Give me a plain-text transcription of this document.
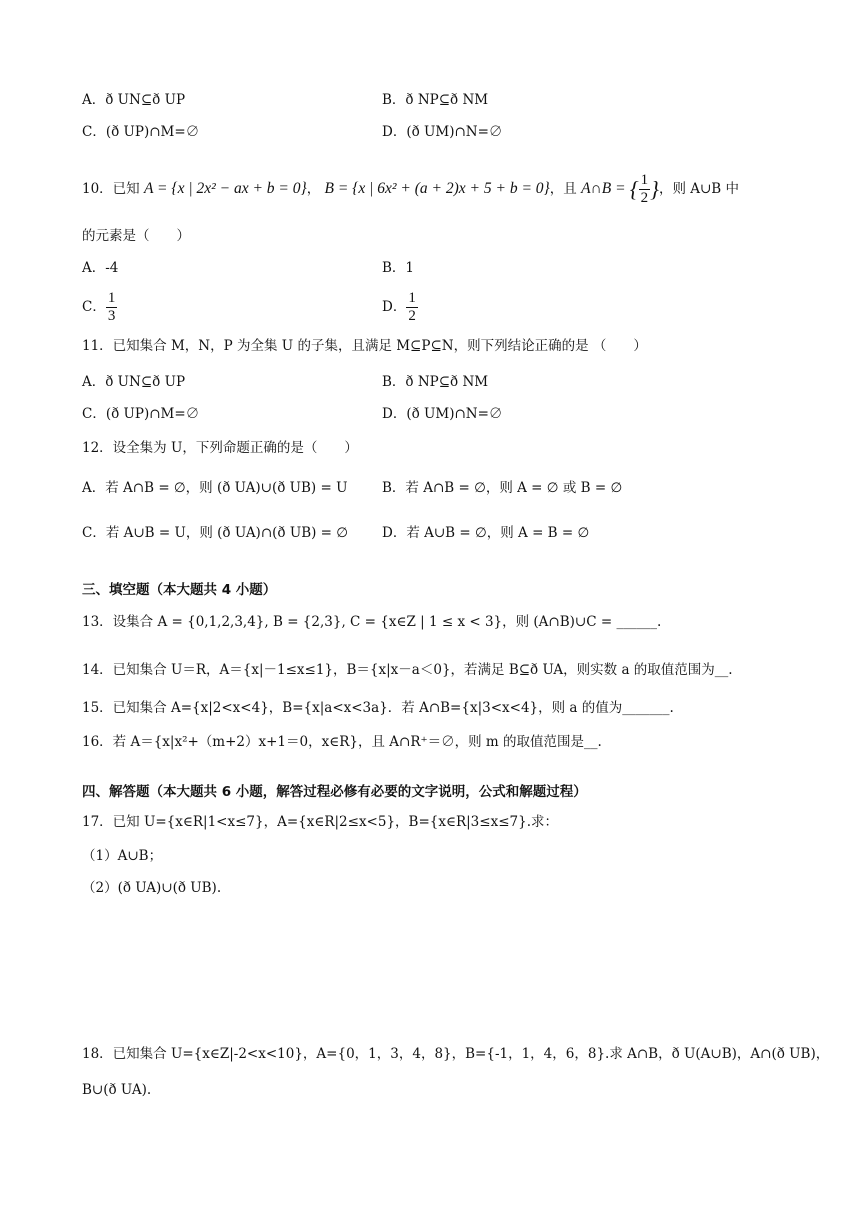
A．ð UN⊆ð UP	B．ð NP⊆ð NM
C．(ð UP)∩M=∅	D．(ð UM)∩N=∅
10．已知 A = {x | 2x² − ax + b = 0}， B = {x | 6x² + (a + 2)x + 5 + b = 0}，且 A∩B = { $\frac{1}{2}$ }，则 A∪B 中
的元素是（　　）
A．-4	B．1
C． $\frac{1}{3}$	D． $\frac{1}{2}$
11．已知集合 M，N，P 为全集 U 的子集，且满足 M⊆P⊆N，则下列结论正确的是 （　　）
A．ð UN⊆ð UP	B．ð NP⊆ð NM
C．(ð UP)∩M=∅	D．(ð UM)∩N=∅
12．设全集为 U，下列命题正确的是（　　）
A．若 A∩B = ∅，则 (ð UA)∪(ð UB) = U	B．若 A∩B = ∅，则 A = ∅ 或 B = ∅
C．若 A∪B = U，则 (ð UA)∩(ð UB) = ∅	D．若 A∪B = ∅，则 A = B = ∅
三、填空题（本大题共 4 小题）
13．设集合 A = {0,1,2,3,4}, B = {2,3}, C = {x∈Z | 1 ≤ x < 3}，则 (A∩B)∪C = ______.
14．已知集合 U＝R，A＝{x|－1≤x≤1}，B＝{x|x－a＜0}，若满足 B⊆ð UA，则实数 a 的取值范围为__.
15．已知集合 A={x|2<x<4}，B={x|a<x<3a}．若 A∩B={x|3<x<4}，则 a 的值为_______.
16．若 A＝{x|x²+（m+2）x+1＝0，x∈R}，且 A∩R⁺＝∅，则 m 的取值范围是__.
四、解答题（本大题共 6 小题，解答过程必修有必要的文字说明，公式和解题过程）
17．已知 U={x∈R|1<x≤7}，A={x∈R|2≤x<5}，B={x∈R|3≤x≤7}.求：
（1）A∪B；
（2）(ð UA)∪(ð UB).
18．已知集合 U={x∈Z|-2<x<10}，A={0，1，3，4，8}，B={-1，1，4，6，8}.求 A∩B，ð U(A∪B)，A∩(ð UB)，
B∪(ð UA).
